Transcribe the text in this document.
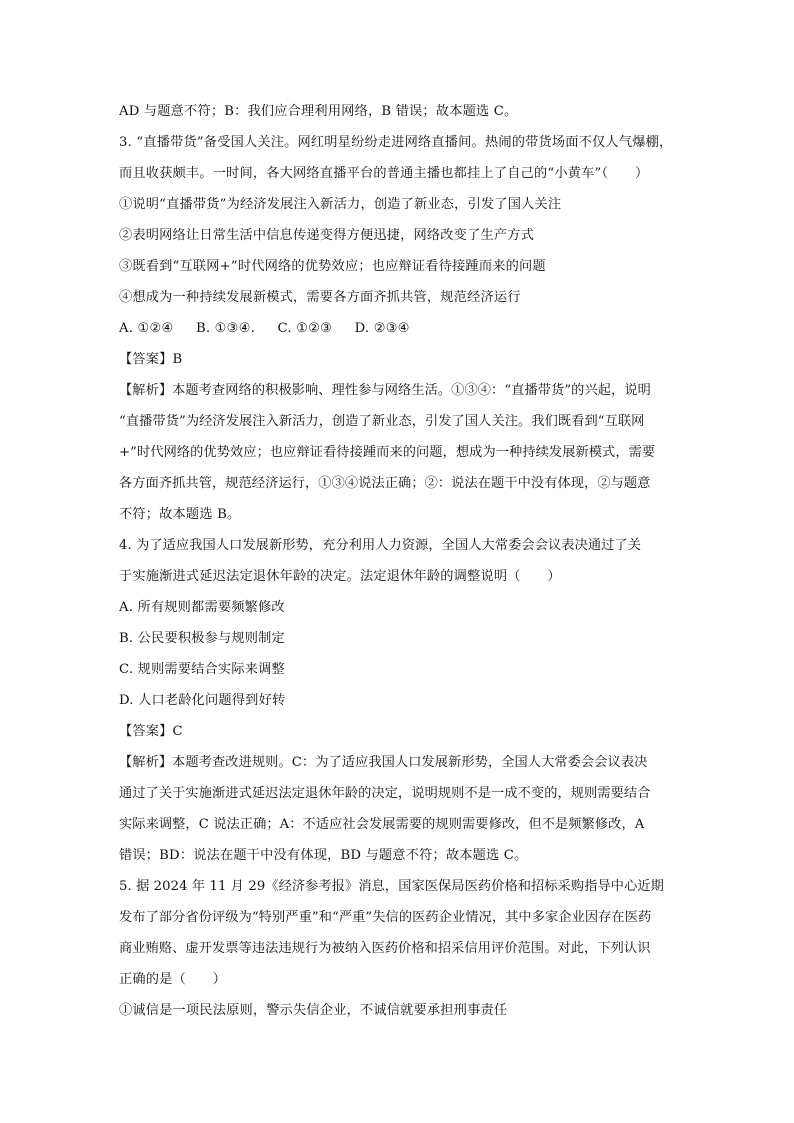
AD 与题意不符；B：我们应合理利用网络，B 错误；故本题选 C。
3. “直播带货”备受国人关注。网红明星纷纷走进网络直播间。热闹的带货场面不仅人气爆棚，
而且收获颇丰。一时间，各大网络直播平台的普通主播也都挂上了自己的“小黄车”（　　）
①说明“直播带货”为经济发展注入新活力，创造了新业态，引发了国人关注
②表明网络让日常生活中信息传递变得方便迅捷，网络改变了生产方式
③既看到“互联网+”时代网络的优势效应；也应辩证看待接踵而来的问题
④想成为一种持续发展新模式，需要各方面齐抓共管，规范经济运行
A. ①②④ B. ①③④. C. ①②③ D. ②③④
【答案】B
【解析】本题考查网络的积极影响、理性参与网络生活。①③④：“直播带货”的兴起，说明
“直播带货”为经济发展注入新活力，创造了新业态，引发了国人关注。我们既看到“互联网
+”时代网络的优势效应；也应辩证看待接踵而来的问题，想成为一种持续发展新模式，需要
各方面齐抓共管，规范经济运行，①③④说法正确；②：说法在题干中没有体现，②与题意
不符；故本题选 B。
4. 为了适应我国人口发展新形势，充分利用人力资源，全国人大常委会会议表决通过了关
于实施渐进式延迟法定退休年龄的决定。法定退休年龄的调整说明（　　）
A. 所有规则都需要频繁修改
B. 公民要积极参与规则制定
C. 规则需要结合实际来调整
D. 人口老龄化问题得到好转
【答案】C
【解析】本题考查改进规则。C：为了适应我国人口发展新形势，全国人大常委会会议表决
通过了关于实施渐进式延迟法定退休年龄的决定，说明规则不是一成不变的，规则需要结合
实际来调整，C 说法正确；A：不适应社会发展需要的规则需要修改，但不是频繁修改，A
错误；BD：说法在题干中没有体现，BD 与题意不符；故本题选 C。
5. 据 2024 年 11 月 29《经济参考报》消息，国家医保局医药价格和招标采购指导中心近期
发布了部分省份评级为“特别严重”和“严重”失信的医药企业情况，其中多家企业因存在医药
商业贿赂、虚开发票等违法违规行为被纳入医药价格和招采信用评价范围。对此，下列认识
正确的是（　　）
①诚信是一项民法原则，警示失信企业，不诚信就要承担刑事责任
